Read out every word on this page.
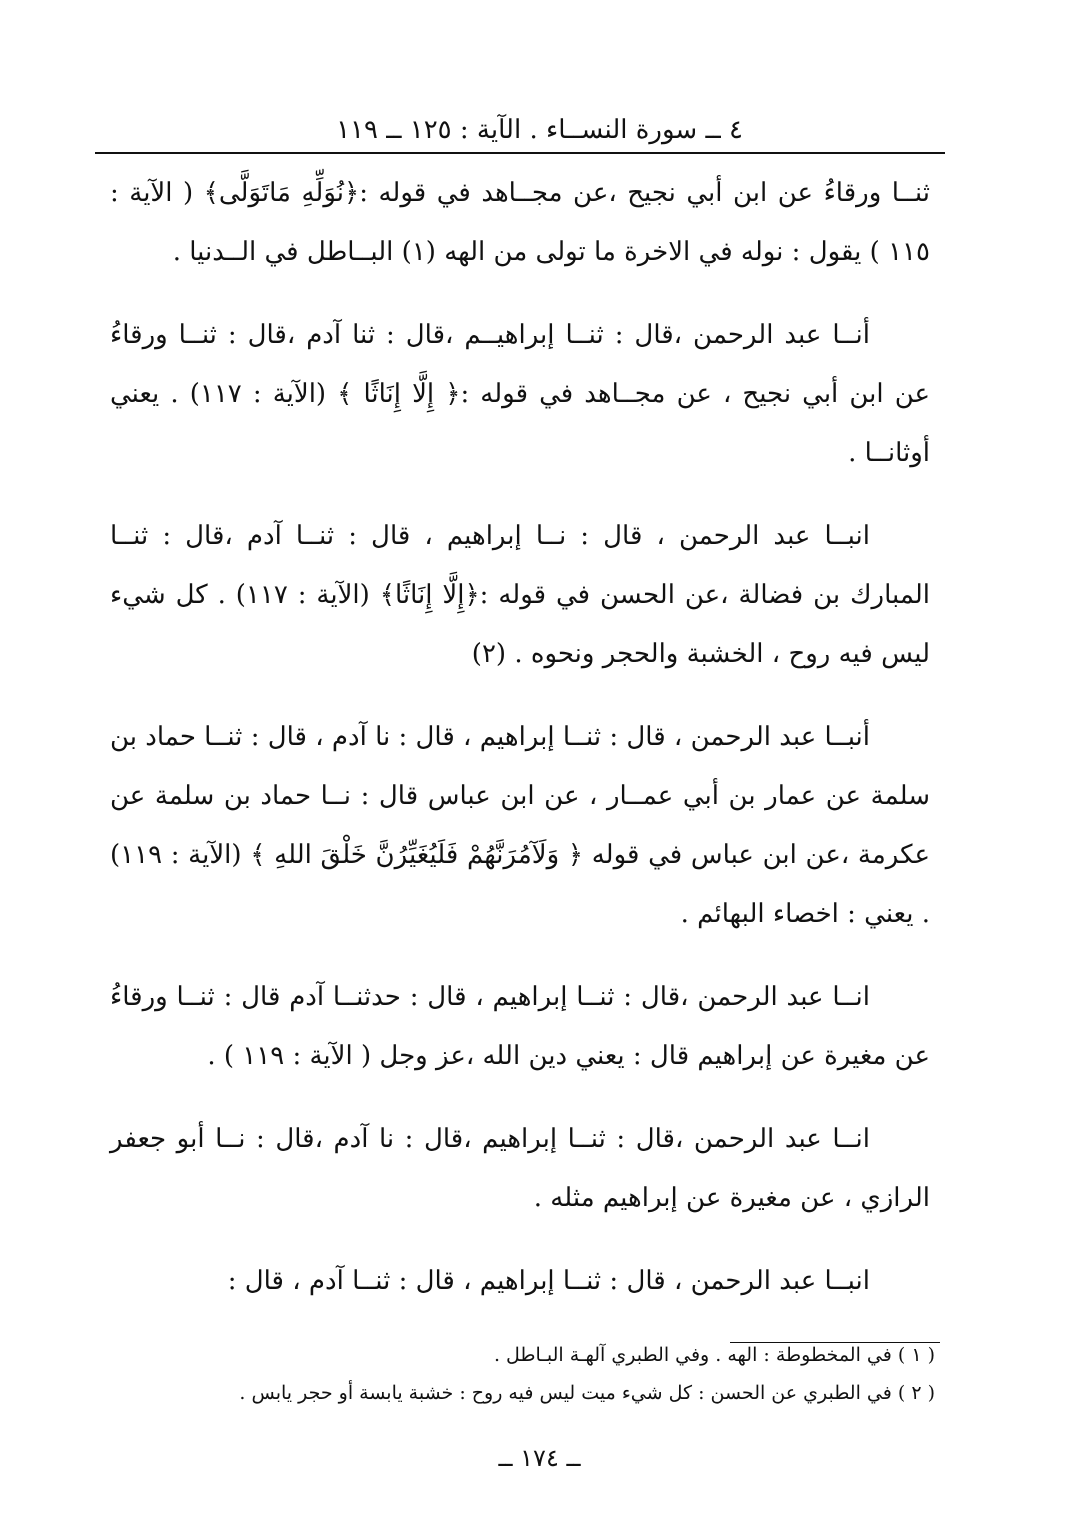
٤ ــ سورة النســاء . الآية : ١٢٥ ــ ١١٩

ثنــا ورقاءُ عن ابن أبي نجيح ،عن مجــاهد في قوله :﴿نُوَلِّهِ مَاتَوَلَّى﴾ ( الآية : ١١٥ ) يقول : نوله في الاخرة ما تولى من الهه (١) البــاطل في الــدنيا .

أنــا عبد الرحمن ،قال : ثنــا إبراهيــم ،قال : ثنا آدم ،قال : ثنــا ورقاءُ عن ابن أبي نجيح ، عن مجــاهد في قوله :﴿ إِلَّا إِنَاثًا ﴾ (الآية : ١١٧) . يعني أوثانــا .

انبــا عبد الرحمن ، قال : نــا إبراهيم ، قال : ثنــا آدم ،قال : ثنــا المبارك بن فضالة ،عن الحسن في قوله :﴿إِلَّا إِنَاثًا﴾ (الآية : ١١٧) . كل شيء ليس فيه روح ، الخشبة والحجر ونحوه . (٢)

أنبــا عبد الرحمن ، قال : ثنــا إبراهيم ، قال : نا آدم ، قال : ثنــا حماد بن سلمة عن عمار بن أبي عمــار ، عن ابن عباس قال : نــا حماد بن سلمة عن عكرمة ،عن ابن عباس في قوله ﴿ وَلَآمُرَنَّهُمْ فَلَيُغَيِّرُنَّ خَلْقَ اللهِ ﴾ (الآية : ١١٩) . يعني : اخصاء البهائم .

انــا عبد الرحمن ،قال : ثنــا إبراهيم ، قال : حدثنــا آدم قال : ثنــا ورقاءُ عن مغيرة عن إبراهيم قال : يعني دين الله ،عز وجل ( الآية : ١١٩ ) .

انــا عبد الرحمن ،قال : ثنــا إبراهيم ،قال : نا آدم ،قال : نــا أبو جعفر الرازي ، عن مغيرة عن إبراهيم مثله .

انبــا عبد الرحمن ، قال : ثنــا إبراهيم ، قال : ثنــا آدم ، قال :

( ١ ) في المخطوطة : الهه . وفي الطبري آلهـة البـاطل .

( ٢ ) في الطبري عن الحسن : كل شيء ميت ليس فيه روح : خشبة يابسة أو حجر يابس .

ــ ١٧٤ ــ
